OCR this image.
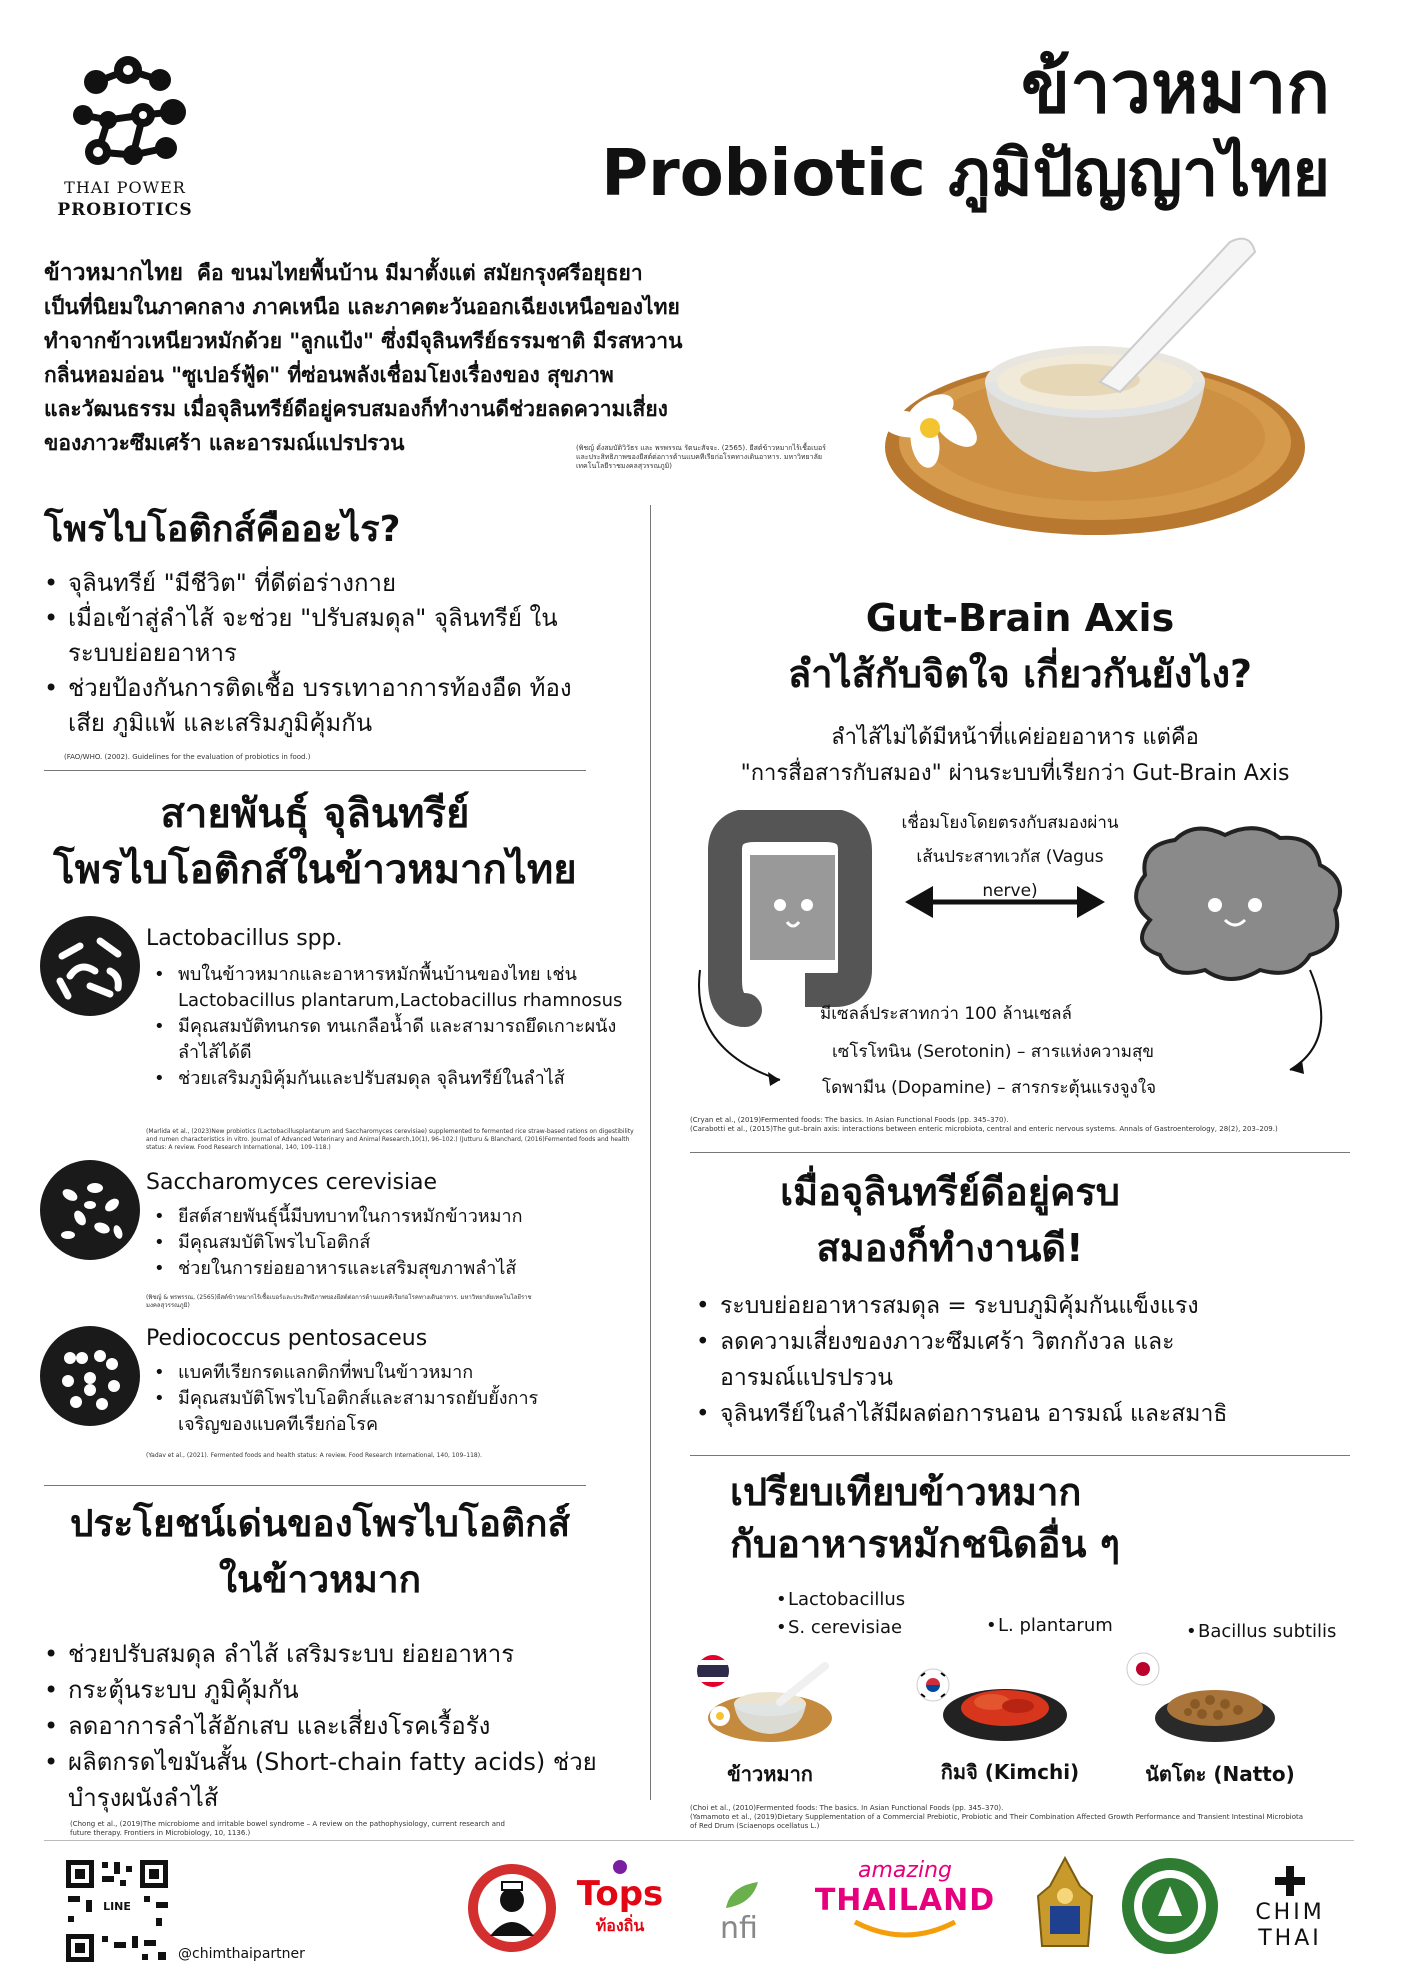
THAI POWER
PROBIOTICS
ข้าวหมาก
Probiotic ภูมิปัญญาไทย
ข้าวหมากไทย คือ ขนมไทยพื้นบ้าน มีมาตั้งแต่ สมัยกรุงศรีอยุธยา
เป็นที่นิยมในภาคกลาง ภาคเหนือ และภาคตะวันออกเฉียงเหนือของไทย
ทำจากข้าวเหนียวหมักด้วย "ลูกแป้ง" ซึ่งมีจุลินทรีย์ธรรมชาติ มีรสหวาน
กลิ่นหอมอ่อน "ซูเปอร์ฟู้ด" ที่ซ่อนพลังเชื่อมโยงเรื่องของ สุขภาพ
และวัฒนธรรม เมื่อจุลินทรีย์ดีอยู่ครบสมองก็ทำงานดีช่วยลดความเสี่ยง
ของภาวะซึมเศร้า และอารมณ์แปรปรวน	(พิชญ์ ดั่งสมบัติวิวัธร และ พรพรรณ รัตนะสัจจะ. (2565). ยีสต์ข้าวหมากไร้เชื้อเบอร์และประสิทธิภาพของยีสต์ต่อการต้านแบคทีเรียก่อโรคทางเดินอาหาร. มหาวิทยาลัยเทคโนโลยีราชมงคลสุวรรณภูมิ)
โพรไบโอติกส์คืออะไร?
• จุลินทรีย์ "มีชีวิต" ที่ดีต่อร่างกาย
• เมื่อเข้าสู่ลำไส้ จะช่วย "ปรับสมดุล" จุลินทรีย์ ในระบบย่อยอาหาร
• ช่วยป้องกันการติดเชื้อ บรรเทาอาการท้องอืด ท้องเสีย ภูมิแพ้ และเสริมภูมิคุ้มกัน
(FAO/WHO. (2002). Guidelines for the evaluation of probiotics in food.)
สายพันธุ์ จุลินทรีย์
โพรไบโอติกส์ในข้าวหมากไทย
Lactobacillus spp.
• พบในข้าวหมากและอาหารหมักพื้นบ้านของไทย เช่น Lactobacillus plantarum,Lactobacillus rhamnosus
• มีคุณสมบัติทนกรด ทนเกลือน้ำดี และสามารถยึดเกาะผนังลำไส้ได้ดี
• ช่วยเสริมภูมิคุ้มกันและปรับสมดุล จุลินทรีย์ในลำไส้
(Marlida et al., (2023)New probiotics (Lactobacillusplantarum and Saccharomyces cerevisiae) supplemented to fermented rice straw-based rations on digestibility and rumen characteristics in vitro. Journal of Advanced Veterinary and Animal Research,10(1), 96–102.) (Jutturu & Blanchard, (2016)Fermented foods and health status: A review. Food Research International, 140, 109–118.)
Saccharomyces cerevisiae
• ยีสต์สายพันธุ์นี้มีบทบาทในการหมักข้าวหมาก
• มีคุณสมบัติโพรไบโอติกส์
• ช่วยในการย่อยอาหารและเสริมสุขภาพลำไส้
(พิชญ์ & พรพรรณ, (2565)ยีสต์ข้าวหมากไร้เชื้อเบอร์และประสิทธิภาพของยีสต์ต่อการต้านแบคทีเรียก่อโรคทางเดินอาหาร. มหาวิทยาลัยเทคโนโลยีราชมงคลสุวรรณภูมิ)
Pediococcus pentosaceus
• แบคทีเรียกรดแลกติกที่พบในข้าวหมาก
• มีคุณสมบัติโพรไบโอติกส์และสามารถยับยั้งการเจริญของแบคทีเรียก่อโรค
(Yadav et al., (2021). Fermented foods and health status: A review. Food Research International, 140, 109–118).
ประโยชน์เด่นของโพรไบโอติกส์
ในข้าวหมาก
• ช่วยปรับสมดุล ลำไส้ เสริมระบบ ย่อยอาหาร
• กระตุ้นระบบ ภูมิคุ้มกัน
• ลดอาการลำไส้อักเสบ และเสี่ยงโรคเรื้อรัง
• ผลิตกรดไขมันสั้น (Short-chain fatty acids) ช่วยบำรุงผนังลำไส้
(Chong et al., (2019)The microbiome and irritable bowel syndrome – A review on the pathophysiology, current research and future therapy. Frontiers in Microbiology, 10, 1136.)
Gut-Brain Axis
ลำไส้กับจิตใจ เกี่ยวกันยังไง?
ลำไส้ไม่ได้มีหน้าที่แค่ย่อยอาหาร แต่คือ
"การสื่อสารกับสมอง" ผ่านระบบที่เรียกว่า Gut-Brain Axis
เชื่อมโยงโดยตรงกับสมองผ่าน
เส้นประสาทเวกัส (Vagus nerve)
มีเซลล์ประสาทกว่า 100 ล้านเซลล์
เซโรโทนิน (Serotonin) – สารแห่งความสุข
โดพามีน (Dopamine) – สารกระตุ้นแรงจูงใจ
(Cryan et al., (2019)Fermented foods: The basics. In Asian Functional Foods (pp. 345–370).
(Carabotti et al., (2015)The gut–brain axis: interactions between enteric microbiota, central and enteric nervous systems. Annals of Gastroenterology, 28(2), 203–209.)
เมื่อจุลินทรีย์ดีอยู่ครบ
สมองก็ทำงานดี!
• ระบบย่อยอาหารสมดุล = ระบบภูมิคุ้มกันแข็งแรง
• ลดความเสี่ยงของภาวะซึมเศร้า วิตกกังวล และอารมณ์แปรปรวน
• จุลินทรีย์ในลำไส้มีผลต่อการนอน อารมณ์ และสมาธิ
เปรียบเทียบข้าวหมาก
กับอาหารหมักชนิดอื่น ๆ
• Lactobacillus
• S. cerevisiae	• L. plantarum	• Bacillus subtilis
ข้าวหมาก	กิมจิ (Kimchi)	นัตโตะ (Natto)
(Choi et al., (2010)Fermented foods: The basics. In Asian Functional Foods (pp. 345–370).
(Yamamoto et al., (2019)Dietary Supplementation of a Commercial Prebiotic, Probiotic and Their Combination Affected Growth Performance and Transient Intestinal Microbiota of Red Drum (Sciaenops ocellatus L.)
LINE
@chimthaipartner
Tops
ท้องถิ่น	nfi
amazing
THAILAND	CHIM
THAI
